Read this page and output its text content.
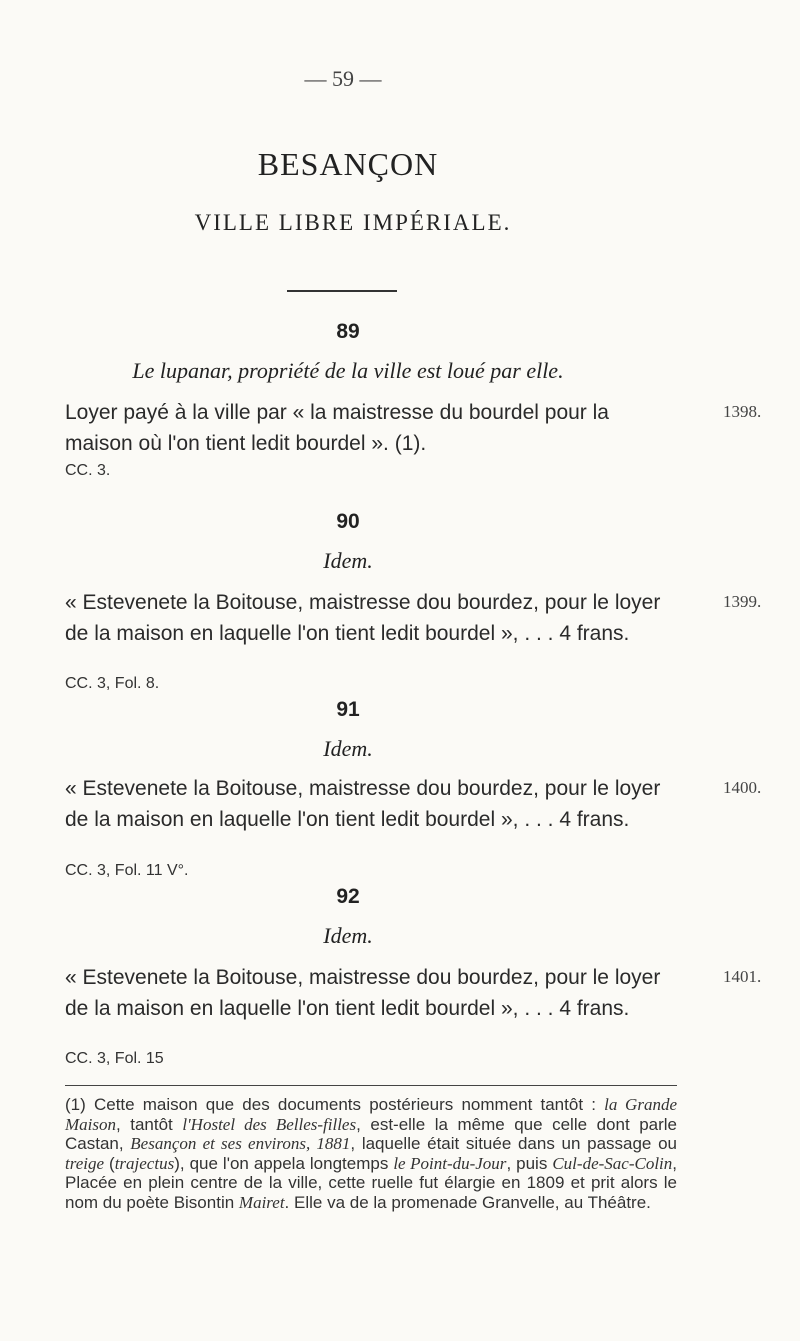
— 59 —
BESANÇON
VILLE LIBRE IMPÉRIALE.
89
Le lupanar, propriété de la ville est loué par elle.
Loyer payé à la ville par « la maistresse du bourdel pour la maison où l'on tient ledit bourdel ». (1).
CC. 3.
1398.
90
Idem.
« Estevenete la Boitouse, maistresse dou bourdez, pour le loyer de la maison en laquelle l'on tient ledit bourdel », . . . 4 frans.
CC. 3, Fol. 8.
1399.
91
Idem.
« Estevenete la Boitouse, maistresse dou bourdez, pour le loyer de la maison en laquelle l'on tient ledit bourdel », . . . 4 frans.
CC. 3, Fol. 11 V°.
1400.
92
Idem.
« Estevenete la Boitouse, maistresse dou bourdez, pour le loyer de la maison en laquelle l'on tient ledit bourdel », . . . 4 frans.
CC. 3, Fol. 15
1401.
(1) Cette maison que des documents postérieurs nomment tantôt : la Grande Maison, tantôt l'Hostel des Belles-filles, est-elle la même que celle dont parle Castan, Besançon et ses environs, 1881, laquelle était située dans un passage ou treige (trajectus), que l'on appela longtemps le Point-du-Jour, puis Cul-de-Sac-Colin, Placée en plein centre de la ville, cette ruelle fut élargie en 1809 et prit alors le nom du poète Bisontin Mairet. Elle va de la promenade Granvelle, au Théâtre.
